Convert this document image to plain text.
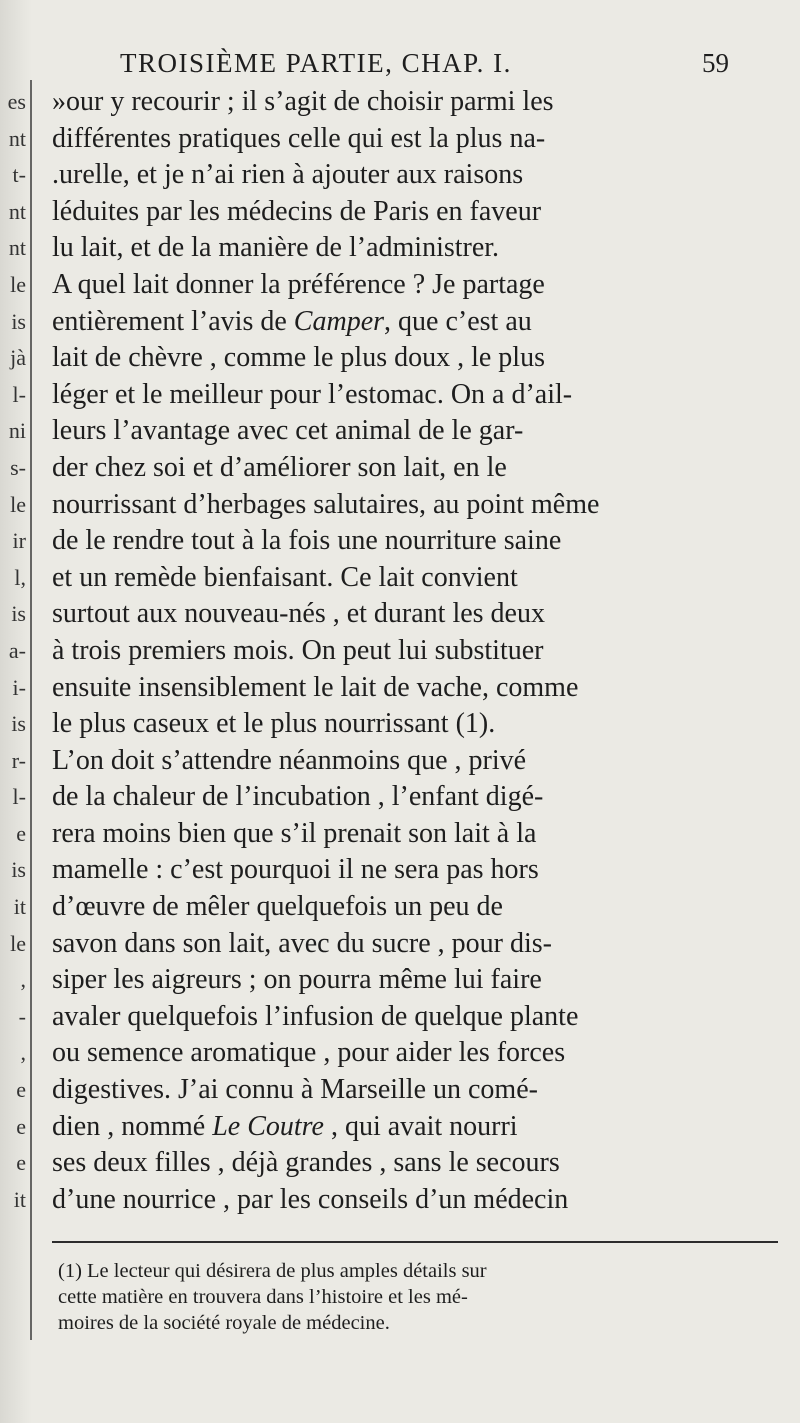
es
nt
t-
nt
nt
le
is
jà
l-
ni
s-
le
ir
l,
is
a-
i-
is
r-
l-
e
is
it
le
,
-
,
e
e
e
it
TROISIÈME PARTIE, CHAP. I.	59
»our y recourir ; il s’agit de choisir parmi les
différentes pratiques celle qui est la plus na-
.urelle, et je n’ai rien à ajouter aux raisons
léduites par les médecins de Paris en faveur
lu lait, et de la manière de l’administrer.
A quel lait donner la préférence ? Je partage
entièrement l’avis de Camper, que c’est au
lait de chèvre , comme le plus doux , le plus
léger et le meilleur pour l’estomac. On a d’ail-
leurs l’avantage avec cet animal de le gar-
der chez soi et d’améliorer son lait, en le
nourrissant d’herbages salutaires, au point même
de le rendre tout à la fois une nourriture saine
et un remède bienfaisant. Ce lait convient
surtout aux nouveau-nés , et durant les deux
à trois premiers mois. On peut lui substituer
ensuite insensiblement le lait de vache, comme
le plus caseux et le plus nourrissant (1).
L’on doit s’attendre néanmoins que , privé
de la chaleur de l’incubation , l’enfant digé-
rera moins bien que s’il prenait son lait à la
mamelle : c’est pourquoi il ne sera pas hors
d’œuvre de mêler quelquefois un peu de
savon dans son lait, avec du sucre , pour dis-
siper les aigreurs ; on pourra même lui faire
avaler quelquefois l’infusion de quelque plante
ou semence aromatique , pour aider les forces
digestives. J’ai connu à Marseille un comé-
dien , nommé Le Coutre , qui avait nourri
ses deux filles , déjà grandes , sans le secours
d’une nourrice , par les conseils d’un médecin
(1) Le lecteur qui désirera de plus amples détails sur
cette matière en trouvera dans l’histoire et les mé-
moires de la société royale de médecine.
